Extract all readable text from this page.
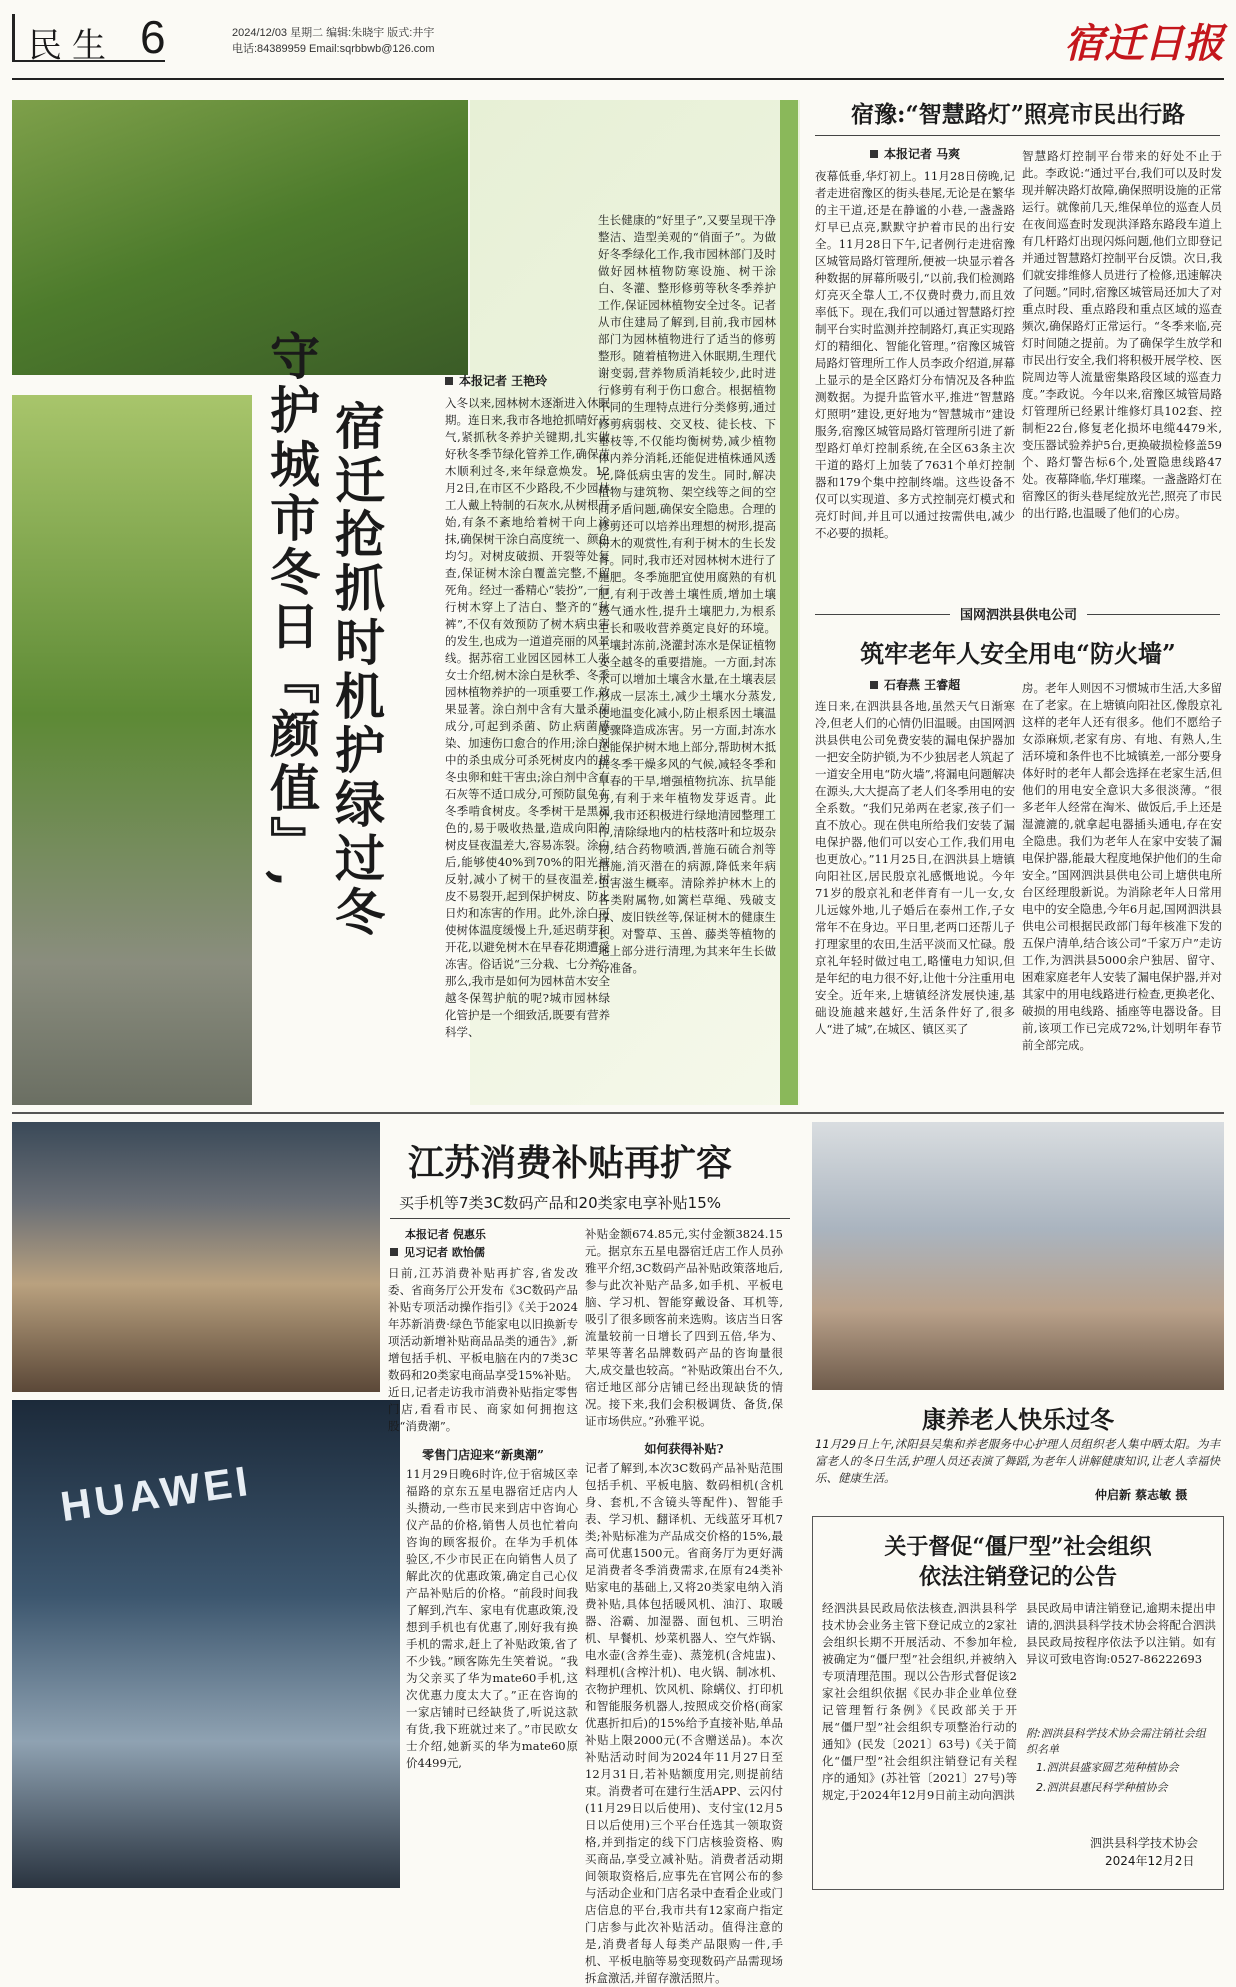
民生 6	2024/12/03 星期二 编辑:朱晓宇 版式:井宇
电话:84389959 Email:sqrbbwb@126.com	宿迁日报
宿迁抢抓时机护绿过冬
守护城市冬日『颜值』,	本报记者 王艳玲
入冬以来,园林树木逐渐进入休眠期。连日来,我市各地抢抓晴好天气,紧抓秋冬养护关键期,扎实做好秋冬季节绿化管养工作,确保苗木顺利过冬,来年绿意焕发。12月2日,在市区不少路段,不少园林工人戴上特制的石灰水,从树根开始,有条不紊地给着树干向上涂抹,确保树干涂白高度统一、颜色均匀。对树皮破损、开裂等处复查,保证树木涂白覆盖完整,不留死角。经过一番精心“装扮”,一行行树木穿上了洁白、整齐的“秋裤”,不仅有效预防了树木病虫害的发生,也成为一道道亮丽的风景线。据苏宿工业园区园林工人张女士介绍,树木涂白是秋季、冬季园林植物养护的一项重要工作,效果显著。涂白剂中含有大量杀菌成分,可起到杀菌、防止病菌感染、加速伤口愈合的作用;涂白剂中的杀虫成分可杀死树皮内的越冬虫卵和蛀干害虫;涂白剂中含有石灰等不适口成分,可预防鼠兔在冬季啃食树皮。冬季树干是黑褐色的,易于吸收热量,造成向阳的树皮昼夜温差大,容易冻裂。涂白后,能够使40%到70%的阳光被反射,减小了树干的昼夜温差,树皮不易裂开,起到保护树皮、防止日灼和冻害的作用。此外,涂白可使树体温度缓慢上升,延迟萌芽和开花,以避免树木在早春花期遭受冻害。俗话说“三分栽、七分养”,那么,我市是如何为园林苗木安全越冬保驾护航的呢?城市园林绿化管护是一个细致活,既要有营养科学、
生长健康的“好里子”,又要呈现干净整洁、造型美观的“俏面子”。为做好冬季绿化工作,我市园林部门及时做好园林植物防寒设施、树干涂白、冬灌、整形修剪等秋冬季养护工作,保证园林植物安全过冬。记者从市住建局了解到,目前,我市园林部门为园林植物进行了适当的修剪整形。随着植物进入休眠期,生理代谢变弱,营养物质消耗较少,此时进行修剪有利于伤口愈合。根据植物不同的生理特点进行分类修剪,通过修剪病弱枝、交叉枝、徒长枝、下垂枝等,不仅能均衡树势,减少植物体内养分消耗,还能促进植株通风透光,降低病虫害的发生。同时,解决植物与建筑物、架空线等之间的空间矛盾问题,确保安全隐患。合理的修剪还可以培养出理想的树形,提高树木的观赏性,有利于树木的生长发育。同时,我市还对园林树木进行了施肥。冬季施肥宜使用腐熟的有机肥,有利于改善土壤性质,增加土壤透气通水性,提升土壤肥力,为根系生长和吸收营养奠定良好的环境。土壤封冻前,浇灌封冻水是保证植物安全越冬的重要措施。一方面,封冻水可以增加土壤含水量,在土壤表层形成一层冻土,减少土壤水分蒸发,使地温变化减小,防止根系因土壤温度骤降造成冻害。另一方面,封冻水还能保护树木地上部分,帮助树木抵抗冬季干燥多风的气候,减轻冬季和早春的干旱,增强植物抗冻、抗旱能力,有利于来年植物发芽返青。此外,我市还积极进行绿地清园整理工作,清除绿地内的枯枝落叶和垃圾杂物,结合药物喷洒,普施石硫合剂等措施,消灭潜在的病源,降低来年病虫害滋生概率。清除养护林木上的各类附属物,如篱栏草绳、残破支撑、废旧铁丝等,保证树木的健康生长。对警草、玉兽、藤类等植物的地上部分进行清理,为其来年生长做好准备。
宿豫:“智慧路灯”照亮市民出行路
本报记者 马爽
夜幕低垂,华灯初上。11月28日傍晚,记者走进宿豫区的街头巷尾,无论是在繁华的主干道,还是在静谧的小巷,一盏盏路灯早已点亮,默默守护着市民的出行安全。11月28日下午,记者例行走进宿豫区城管局路灯管理所,便被一块显示着各种数据的屏幕所吸引,“以前,我们检测路灯亮灭全靠人工,不仅费时费力,而且效率低下。现在,我们可以通过智慧路灯控制平台实时监测并控制路灯,真正实现路灯的精细化、智能化管理。”宿豫区城管局路灯管理所工作人员李政介绍道,屏幕上显示的是全区路灯分布情况及各种监测数据。为提升监管水平,推进“智慧路灯照明”建设,更好地为“智慧城市”建设服务,宿豫区城管局路灯管理所引进了新型路灯单灯控制系统,在全区63条主次干道的路灯上加装了7631个单灯控制器和179个集中控制终端。这些设备不仅可以实现道、多方式控制亮灯模式和亮灯时间,并且可以通过按需供电,减少不必要的损耗。
智慧路灯控制平台带来的好处不止于此。李政说:“通过平台,我们可以及时发现并解决路灯故障,确保照明设施的正常运行。就像前几天,维保单位的巡查人员在夜间巡查时发现洪泽路东路段车道上有几杆路灯出现闪烁问题,他们立即登记并通过智慧路灯控制平台反馈。次日,我们就安排维修人员进行了检修,迅速解决了问题。”同时,宿豫区城管局还加大了对重点时段、重点路段和重点区域的巡查频次,确保路灯正常运行。“冬季来临,亮灯时间随之提前。为了确保学生放学和市民出行安全,我们将积极开展学校、医院周边等人流量密集路段区域的巡查力度。”李政说。今年以来,宿豫区城管局路灯管理所已经累计维修灯具102套、控制柜22台,修复老化损坏电缆4479米,变压器试验养护5台,更换破损检修盖59个、路灯警告标6个,处置隐患线路47处。夜幕降临,华灯璀璨。一盏盏路灯在宿豫区的街头巷尾绽放光芒,照亮了市民的出行路,也温暖了他们的心房。
国网泗洪县供电公司
筑牢老年人安全用电“防火墙”
石春燕 王睿超
连日来,在泗洪县各地,虽然天气日渐寒冷,但老人们的心情仍旧温暖。由国网泗洪县供电公司免费安装的漏电保护器加一把安全防护锁,为不少独居老人筑起了一道安全用电“防火墙”,将漏电问题解决在源头,大大提高了老人们冬季用电的安全系数。“我们兄弟两在老家,孩子们一直不放心。现在供电所给我们安装了漏电保护器,他们可以安心工作,我们用电也更放心。”11月25日,在泗洪县上塘镇向阳社区,居民殷京礼感慨地说。今年71岁的殷京礼和老伴育有一儿一女,女儿远嫁外地,儿子婚后在泰州工作,子女常年不在身边。平日里,老两口还帮儿子打理家里的农田,生活平淡而又忙碌。殷京礼年轻时做过电工,略懂电力知识,但是年纪的电力很不好,让他十分注重用电安全。近年来,上塘镇经济发展快速,基础设施越来越好,生活条件好了,很多人“进了城”,在城区、镇区买了
房。老年人则因不习惯城市生活,大多留在了老家。在上塘镇向阳社区,像殷京礼这样的老年人还有很多。他们不愿给子女添麻烦,老家有房、有地、有熟人,生活环境和条件也不比城镇差,一部分要身体好时的老年人都会选择在老家生活,但他们的用电安全意识大多很淡薄。“很多老年人经常在淘米、做饭后,手上还是湿漉漉的,就拿起电器插头通电,存在安全隐患。我们为老年人在家中安装了漏电保护器,能最大程度地保护他们的生命安全。”国网泗洪县供电公司上塘供电所台区经理殷新说。为消除老年人日常用电中的安全隐患,今年6月起,国网泗洪县供电公司根据民政部门每年核准下发的五保户清单,结合该公司“千家万户”走访工作,为泗洪县5000余户独居、留守、困难家庭老年人安装了漏电保护器,并对其家中的用电线路进行检查,更换老化、破损的用电线路、插座等电器设备。目前,该项工作已完成72%,计划明年春节前全部完成。
HUAWEI
江苏消费补贴再扩容
买手机等7类3C数码产品和20类家电享补贴15%
本报记者 倪惠乐
见习记者 欧怡儒
日前,江苏消费补贴再扩容,省发改委、省商务厅公开发布《3C数码产品补贴专项活动操作指引》《关于2024年苏新消费·绿色节能家电以旧换新专项活动新增补贴商品品类的通告》,新增包括手机、平板电脑在内的7类3C数码和20类家电商品享受15%补贴。近日,记者走访我市消费补贴指定零售门店,看看市民、商家如何拥抱这股“消费潮”。
零售门店迎来“新奥潮”
11月29日晚6时许,位于宿城区幸福路的京东五星电器宿迁店内人头攒动,一些市民来到店中咨询心仪产品的价格,销售人员也忙着向咨询的顾客报价。在华为手机体验区,不少市民正在向销售人员了解此次的优惠政策,确定自己心仪产品补贴后的价格。“前段时间我了解到,汽车、家电有优惠政策,没想到手机也有优惠了,刚好我有换手机的需求,赶上了补贴政策,省了不少钱。”顾客陈先生笑着说。“我为父亲买了华为mate60手机,这次优惠力度太大了。”正在咨询的一家店铺时已经缺货了,听说这款有货,我下班就过来了。”市民欧女士介绍,她新买的华为mate60原价4499元,
补贴金额674.85元,实付金额3824.15元。据京东五星电器宿迁店工作人员孙雅平介绍,3C数码产品补贴政策落地后,参与此次补贴产品多,如手机、平板电脑、学习机、智能穿戴设备、耳机等,吸引了很多顾客前来选购。该店当日客流量较前一日增长了四到五倍,华为、苹果等著名品牌数码产品的咨询量很大,成交量也较高。“补贴政策出台不久,宿迁地区部分店铺已经出现缺货的情况。接下来,我们会积极调货、备货,保证市场供应。”孙雅平说。
如何获得补贴?
记者了解到,本次3C数码产品补贴范围包括手机、平板电脑、数码相机(含机身、套机,不含镜头等配件)、智能手表、学习机、翻译机、无线蓝牙耳机7类;补贴标准为产品成交价格的15%,最高可优惠1500元。省商务厅为更好满足消费者冬季消费需求,在原有24类补贴家电的基础上,又将20类家电纳入消费补贴,具体包括暖风机、油汀、取暖器、浴霸、加湿器、面包机、三明治机、早餐机、炒菜机器人、空气炸锅、电水壶(含养生壶)、蒸笼机(含炖盅)、料理机(含榨汁机)、电火锅、制冰机、衣物护理机、饮风机、除螨仪、打印机和智能服务机器人,按照成交价格(商家优惠折扣后)的15%给予直接补贴,单品补贴上限2000元(不含赠送品)。本次补贴活动时间为2024年11月27日至12月31日,若补贴额度用完,则提前结束。消费者可在建行生活APP、云闪付(11月29日以后使用)、支付宝(12月5日以后使用)三个平台任选其一领取资格,并到指定的线下门店核验资格、购买商品,享受立减补贴。消费者活动期间领取资格后,应事先在官网公布的参与活动企业和门店名录中查看企业或门店信息的平台,我市共有12家商户指定门店参与此次补贴活动。值得注意的是,消费者每人每类产品限购一件,手机、平板电脑等易变现数码产品需现场拆盒激活,并留存激活照片。
康养老人快乐过冬
11月29日上午,沭阳县吴集和养老服务中心护理人员组织老人集中晒太阳。为丰富老人的冬日生活,护理人员还表演了舞蹈,为老年人讲解健康知识,让老人幸福快乐、健康生活。
仲启新 蔡志敏 摄
关于督促“僵尸型”社会组织
依法注销登记的公告
经泗洪县民政局依法核查,泗洪县科学技术协会业务主管下登记成立的2家社会组织长期不开展活动、不参加年检,被确定为“僵尸型”社会组织,并被纳入专项清理范围。现以公告形式督促该2家社会组织依据《民办非企业单位登记管理暂行条例》《民政部关于开展“僵尸型”社会组织专项整治行动的通知》(民发〔2021〕63号)《关于简化“僵尸型”社会组织注销登记有关程序的通知》(苏社管〔2021〕27号)等规定,于2024年12月9日前主动向泗洪
县民政局申请注销登记,逾期未提出申请的,泗洪县科学技术协会将配合泗洪县民政局按程序依法予以注销。如有异议可致电咨询:0527-86222693
附:泗洪县科学技术协会需注销社会组织名单
1.泗洪县盛家圆艺苑种植协会
2.泗洪县惠民科学种植协会
泗洪县科学技术协会
2024年12月2日
